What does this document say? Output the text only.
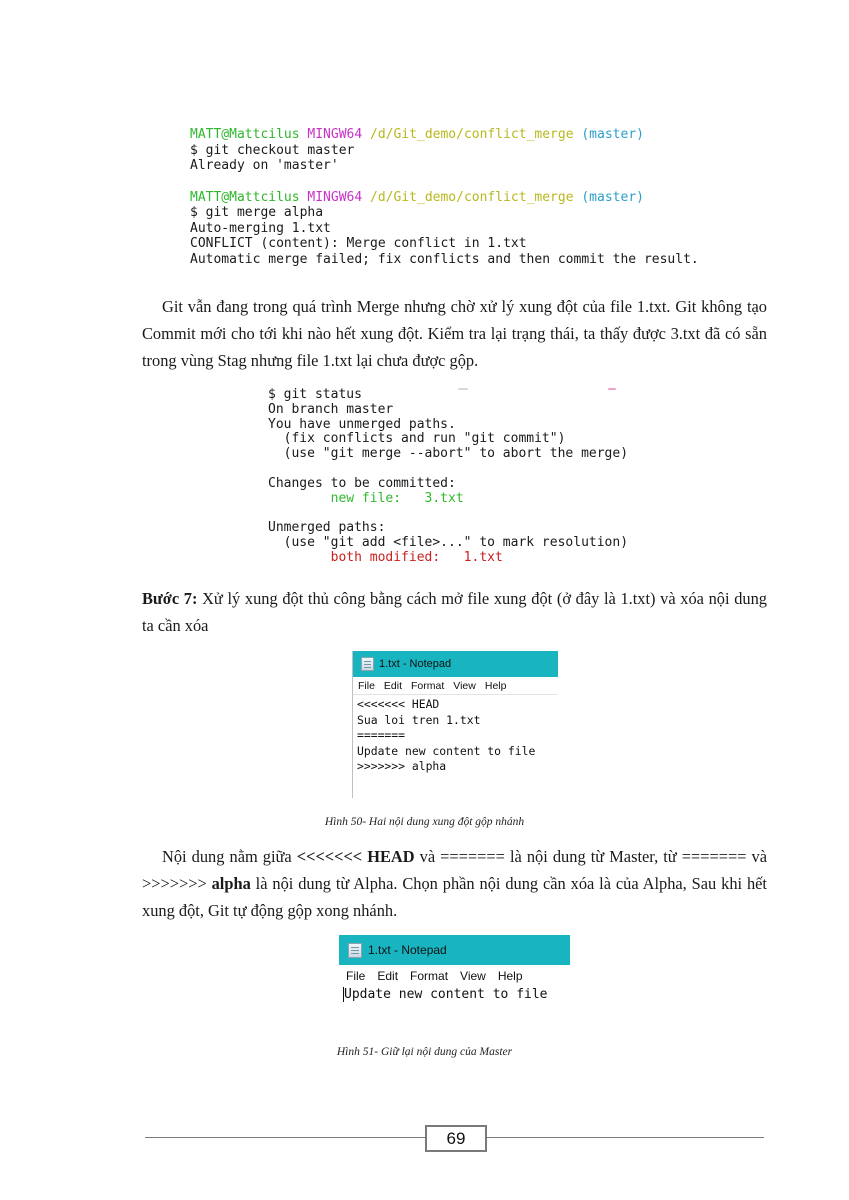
MATT@Mattcilus MINGW64 /d/Git_demo/conflict_merge (master)
$ git checkout master
Already on 'master'
MATT@Mattcilus MINGW64 /d/Git_demo/conflict_merge (master)
$ git merge alpha
Auto-merging 1.txt
CONFLICT (content): Merge conflict in 1.txt
Automatic merge failed; fix conflicts and then commit the result.

Git vẫn đang trong quá trình Merge nhưng chờ xử lý xung đột của file 1.txt. Git không tạo Commit mới cho tới khi nào hết xung đột. Kiểm tra lại trạng thái, ta thấy được 3.txt đã có sẵn trong vùng Stag nhưng file 1.txt lại chưa được gộp.

$ git status
On branch master
You have unmerged paths.
(fix conflicts and run "git commit")
(use "git merge --abort" to abort the merge)
Changes to be committed:
new file:   3.txt
Unmerged paths:
(use "git add <file>..." to mark resolution)
both modified:   1.txt

Bước 7: Xử lý xung đột thủ công bằng cách mở file xung đột (ở đây là 1.txt) và xóa nội dung ta cần xóa

1.txt - Notepad
File Edit Format View Help
<<<<<<< HEAD
Sua loi tren 1.txt
=======
Update new content to file
>>>>>>> alpha
Hình 50- Hai nội dung xung đột gộp nhánh

Nội dung nằm giữa <<<<<<< HEAD và ======= là nội dung từ Master, từ ======= và >>>>>>> alpha là nội dung từ Alpha. Chọn phần nội dung cần xóa là của Alpha, Sau khi hết xung đột, Git tự động gộp xong nhánh.

1.txt - Notepad
File Edit Format View Help
Update new content to file
Hình 51- Giữ lại nội dung của Master
69
